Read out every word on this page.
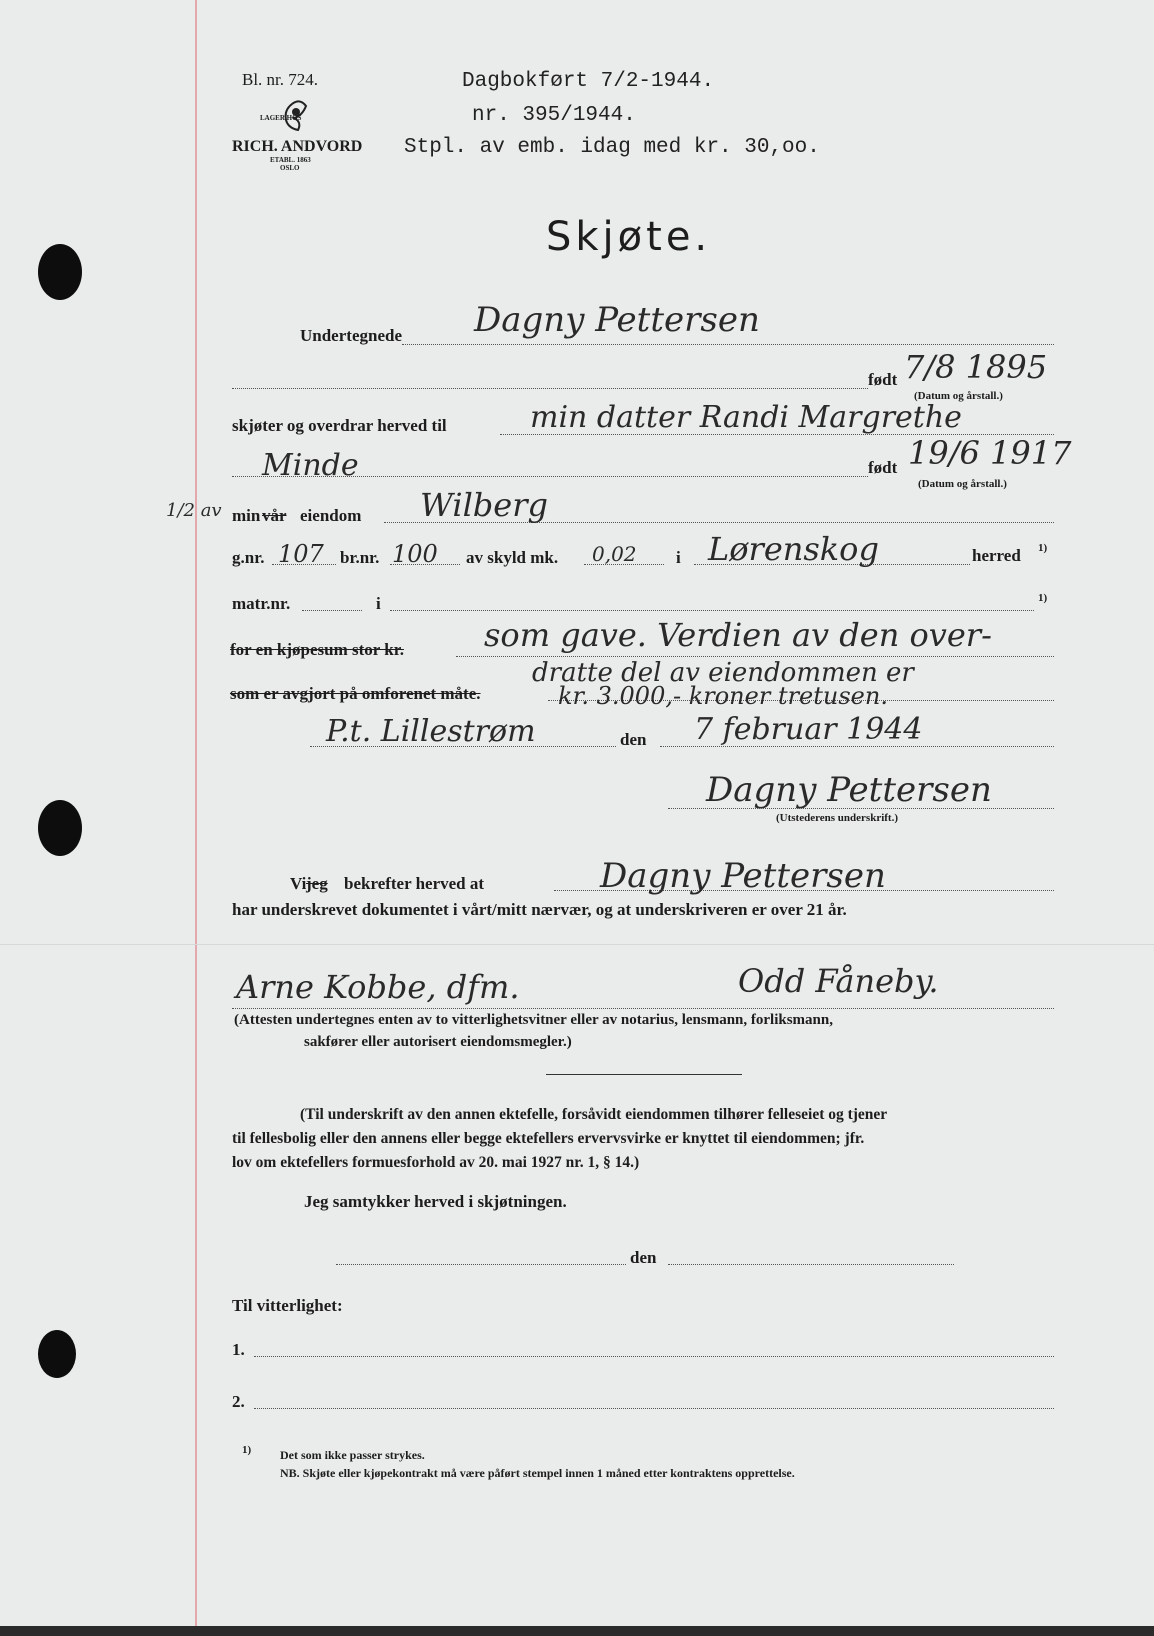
Bl. nr. 724.
LAGER HOS
RICH. ANDVORD
ETABL. 1863
OSLO
Dagbokført 7/2-1944.
nr. 395/1944.
Stpl. av emb. idag med kr. 30,oo.
Skjøte.
Undertegnede Dagny Pettersen
født 7/8 1895
(Datum og årstall.)
skjøter og overdrar herved til	min datter Randi Margrethe
Minde	født 19/6 1917
(Datum og årstall.)
1/2 av min vår eiendom Wilberg
g.nr. 107 br.nr. 100 av skyld mk. 0,02 i Lørenskog	herred 1)
matr.nr.	i	1)
for en kjøpesum stor kr.	som gave. Verdien av den over-
dratte del av eiendommen er
som er avgjort på omforenet måte.	kr. 3.000,- kroner tretusen.
P.t. Lillestrøm	den 7 februar 1944
Dagny Pettersen
(Utstederens underskrift.)
Vi jeg bekrefter herved at	Dagny Pettersen
har underskrevet dokumentet i vårt/mitt nærvær, og at underskriveren er over 21 år.
Arne Kobbe, dfm.	Odd Fåneby.
(Attesten undertegnes enten av to vitterlighetsvitner eller av notarius, lensmann, forliksmann,
sakfører eller autorisert eiendomsmegler.)
(Til underskrift av den annen ektefelle, forsåvidt eiendommen tilhører felleseiet og tjener
til fellesbolig eller den annens eller begge ektefellers ervervsvirke er knyttet til eiendommen; jfr.
lov om ektefellers formuesforhold av 20. mai 1927 nr. 1, § 14.)
Jeg samtykker herved i skjøtningen.
den
Til vitterlighet:
1.
2.
1) Det som ikke passer strykes.
NB. Skjøte eller kjøpekontrakt må være påført stempel innen 1 måned etter kontraktens opprettelse.
